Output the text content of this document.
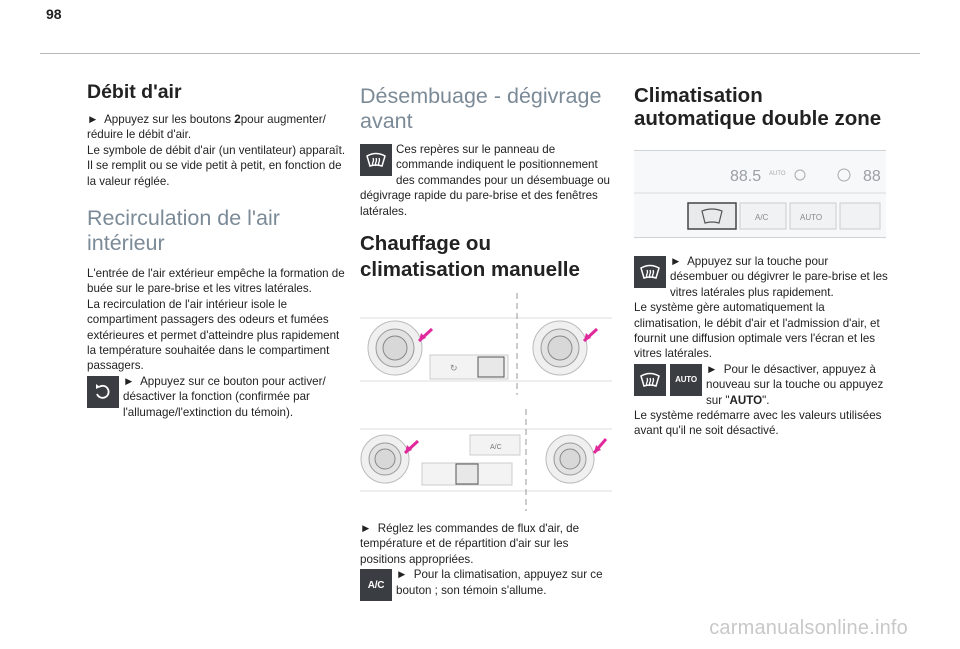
98
Débit d'air

► Appuyez sur les boutons 2pour augmenter/ réduire le débit d'air.

Le symbole de débit d'air (un ventilateur) apparaît. Il se remplit ou se vide petit à petit, en fonction de la valeur réglée.

Recirculation de l'air intérieur

L'entrée de l'air extérieur empêche la formation de buée sur le pare-brise et les vitres latérales.

La recirculation de l'air intérieur isole le compartiment passagers des odeurs et fumées extérieures et permet d'atteindre plus rapidement la température souhaitée dans le compartiment passagers.

► Appuyez sur ce bouton pour activer/ désactiver la fonction (confirmée par l'allumage/l'extinction du témoin).
Désembuage - dégivrage avant
Ces repères sur le panneau de commande indiquent le positionnement des commandes pour un désembuage ou dégivrage rapide du pare-brise et des fenêtres latérales.
Chauffage ou climatisation manuelle
↻
A/C

► Réglez les commandes de flux d'air, de température et de répartition d'air sur les positions appropriées.

A/C
► Pour la climatisation, appuyez sur ce bouton ; son témoin s'allume.
Climatisation automatique double zone
88.5	88
AUTO
A/C	AUTO
► Appuyez sur la touche pour désembuer ou dégivrer le pare-brise et les vitres latérales plus rapidement.

Le système gère automatiquement la climatisation, le débit d'air et l'admission d'air, et fournit une diffusion optimale vers l'écran et les vitres latérales.

AUTO
► Pour le désactiver, appuyez à nouveau sur la touche ou appuyez sur "AUTO".

Le système redémarre avec les valeurs utilisées avant qu'il ne soit désactivé.

carmanualsonline.info
